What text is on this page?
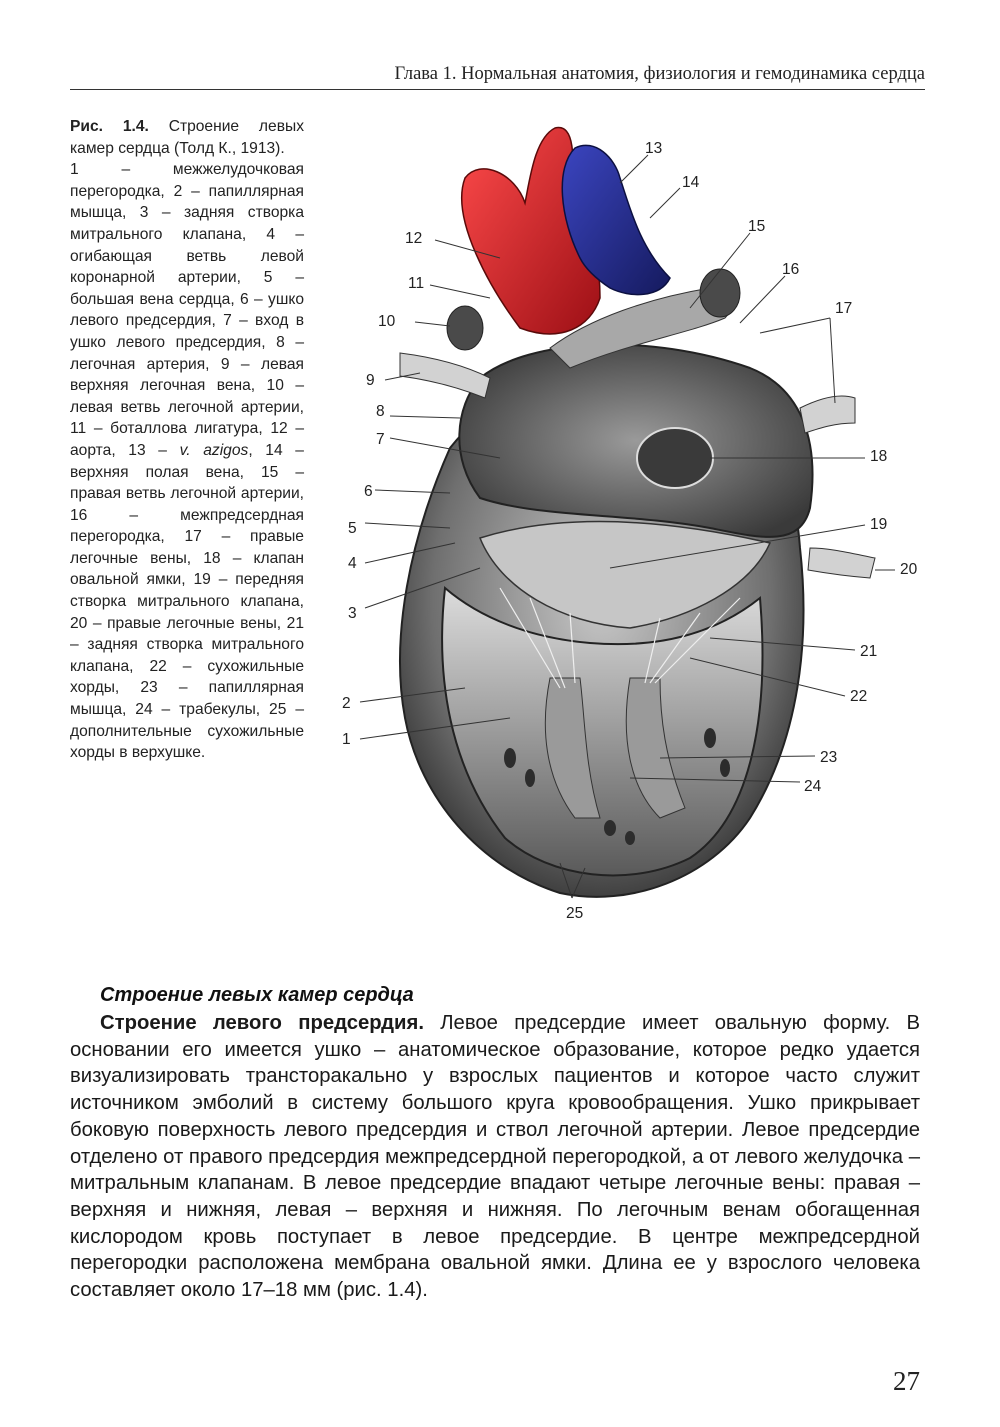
Глава 1. Нормальная анатомия, физиология и гемодинамика сердца
Рис. 1.4. Строение левых камер сердца (Толд К., 1913).
1 – межжелудочковая перегородка, 2 – папиллярная мышца, 3 – задняя створка митрального клапана, 4 – огибающая ветвь левой коронарной артерии, 5 – большая вена сердца, 6 – ушко левого предсердия, 7 – вход в ушко левого предсердия, 8 – легочная артерия, 9 – левая верхняя легочная вена, 10 – левая ветвь легочной артерии, 11 – боталлова лигатура, 12 – аорта, 13 – v. azigos, 14 – верхняя полая вена, 15 – правая ветвь легочной артерии, 16 – межпредсердная перегородка, 17 – правые легочные вены, 18 – клапан овальной ямки, 19 – передняя створка митрального клапана, 20 – правые легочные вены, 21 – задняя створка митрального клапана, 22 – сухожильные хорды, 23 – папиллярная мышца, 24 – трабекулы, 25 – дополнительные сухожильные хорды в верхушке.
1
2
3
4
5
6
7
8
9
10
11
12
13
14
15
16
17
18
19
20
21
22
23
24
25
Строение левых камер сердца
Строение левого предсердия. Левое предсердие имеет овальную форму. В основании его имеется ушко – анатомическое образование, которое редко удается визуализировать трансторакально у взрослых пациентов и которое часто служит источником эмболий в систему большого круга кровообращения. Ушко прикрывает боковую поверхность левого предсердия и ствол легочной артерии. Левое предсердие отделено от правого предсердия межпредсердной перегородкой, а от левого желудочка – митральным клапанам. В левое предсердие впадают четыре легочные вены: правая – верхняя и нижняя, левая – верхняя и нижняя. По легочным венам обогащенная кислородом кровь поступает в левое предсердие. В центре межпредсердной перегородки расположена мембрана овальной ямки. Длина ее у взрослого человека составляет около 17–18 мм (рис. 1.4).
27
